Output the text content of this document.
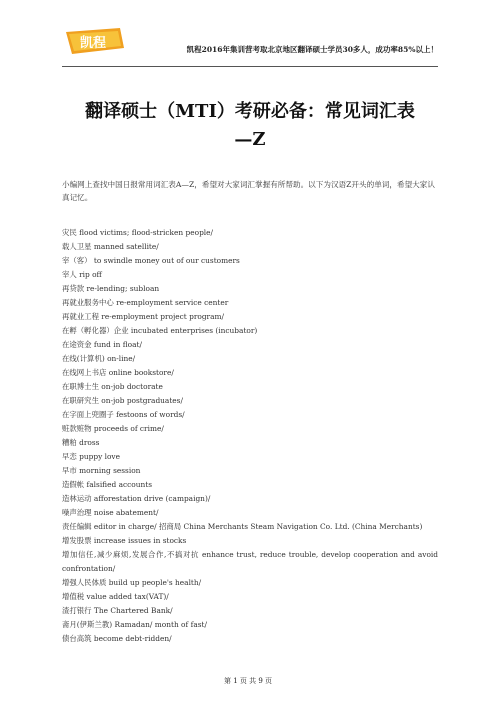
凯程	凯程2016年集训营考取北京地区翻译硕士学员30多人，成功率85%以上！
翻译硕士（MTI）考研必备：常见词汇表
—Z
小编网上查找中国日报常用词汇表A—Z，希望对大家词汇掌握有所帮助。以下为汉语Z开头的单词，希望大家认真记忆。
灾民 flood victims; flood-stricken people/
载人卫星 manned satellite/
宰（客） to swindle money out of our customers
宰人 rip off
再贷款 re-lending; subloan
再就业服务中心 re-employment service center
再就业工程 re-employment project program/
在孵（孵化器）企业 incubated enterprises (incubator)
在途资金 fund in float/
在线(计算机) on-line/
在线网上书店 online bookstore/
在职博士生 on-job doctorate
在职研究生 on-job postgraduates/
在字面上兜圈子 festoons of words/
赃款赃物 proceeds of crime/
糟粕 dross
早恋 puppy love
早市 morning session
造假帐 falsified accounts
造林运动 afforestation drive (campaign)/
噪声治理 noise abatement/
责任编辑 editor in charge/ 招商局 China Merchants Steam Navigation Co. Ltd. (China Merchants)
增发股票 increase issues in stocks
增加信任,减少麻烦,发展合作,不搞对抗 enhance trust, reduce trouble, develop cooperation and avoid confrontation/
增强人民体质 build up people's health/
增值税 value added tax(VAT)/
渣打银行 The Chartered Bank/
斋月(伊斯兰教) Ramadan/ month of fast/
债台高筑 become debt-ridden/
第 1 页 共 9 页
